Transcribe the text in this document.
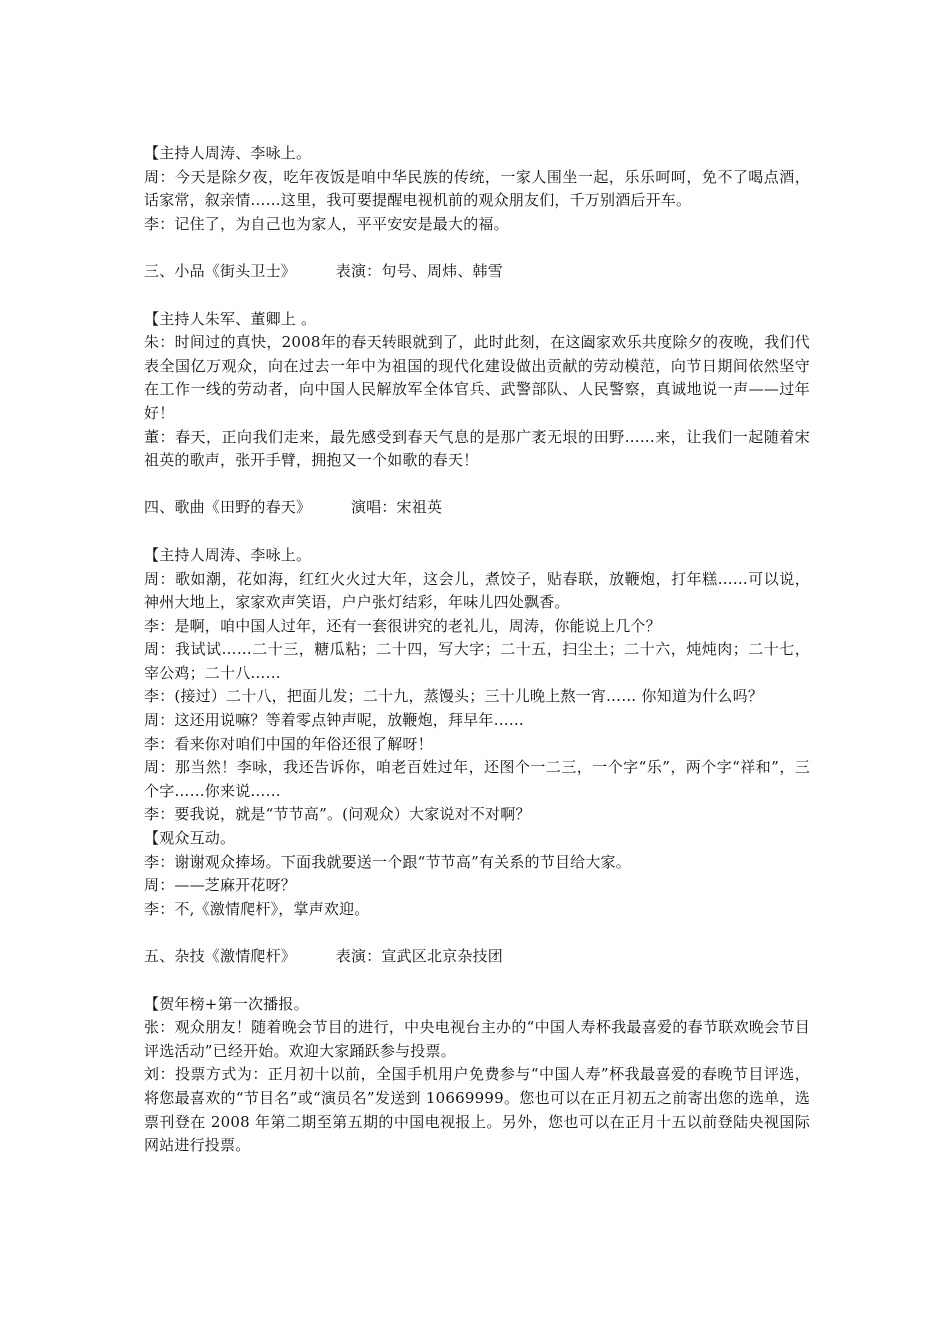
【主持人周涛、李咏上。

周：今天是除夕夜，吃年夜饭是咱中华民族的传统，一家人围坐一起，乐乐呵呵，免不了喝点酒，话家常，叙亲情……这里，我可要提醒电视机前的观众朋友们，千万别酒后开车。

李：记住了，为自己也为家人，平平安安是最大的福。

三、小品《街头卫士》        表演：句号、周炜、韩雪

【主持人朱军、董卿上 。

朱：时间过的真快，2008年的春天转眼就到了，此时此刻，在这阖家欢乐共度除夕的夜晚，我们代表全国亿万观众，向在过去一年中为祖国的现代化建设做出贡献的劳动模范，向节日期间依然坚守在工作一线的劳动者，向中国人民解放军全体官兵、武警部队、人民警察，真诚地说一声——过年好！

董：春天，正向我们走来，最先感受到春天气息的是那广袤无垠的田野……来，让我们一起随着宋祖英的歌声，张开手臂，拥抱又一个如歌的春天！

四、歌曲《田野的春天》        演唱：宋祖英

【主持人周涛、李咏上。

周：歌如潮，花如海，红红火火过大年，这会儿，煮饺子，贴春联，放鞭炮，打年糕……可以说，神州大地上，家家欢声笑语，户户张灯结彩，年味儿四处飘香。

李：是啊，咱中国人过年，还有一套很讲究的老礼儿，周涛，你能说上几个？

周：我试试……二十三，糖瓜粘；二十四，写大字；二十五，扫尘土；二十六，炖炖肉；二十七，宰公鸡；二十八……

李：(接过）二十八，把面儿发；二十九，蒸馒头；三十儿晚上熬一宵…… 你知道为什么吗？

周：这还用说嘛？等着零点钟声呢，放鞭炮，拜早年……

李：看来你对咱们中国的年俗还很了解呀！

周：那当然！李咏，我还告诉你，咱老百姓过年，还图个一二三，一个字“乐”，两个字“祥和”，三个字……你来说……

李：要我说，就是“节节高”。(问观众）大家说对不对啊？

【观众互动。

李：谢谢观众捧场。下面我就要送一个跟“节节高”有关系的节目给大家。

周：——芝麻开花呀？

李：不,《激情爬杆》，掌声欢迎。

五、杂技《激情爬杆》        表演：宣武区北京杂技团

【贺年榜+第一次播报。

张：观众朋友！随着晚会节目的进行，中央电视台主办的“中国人寿杯我最喜爱的春节联欢晚会节目评选活动”已经开始。欢迎大家踊跃参与投票。

刘：投票方式为：正月初十以前，全国手机用户免费参与“中国人寿”杯我最喜爱的春晚节目评选，将您最喜欢的“节目名”或“演员名”发送到 10669999。您也可以在正月初五之前寄出您的选单，选票刊登在 2008 年第二期至第五期的中国电视报上。另外，您也可以在正月十五以前登陆央视国际网站进行投票。
